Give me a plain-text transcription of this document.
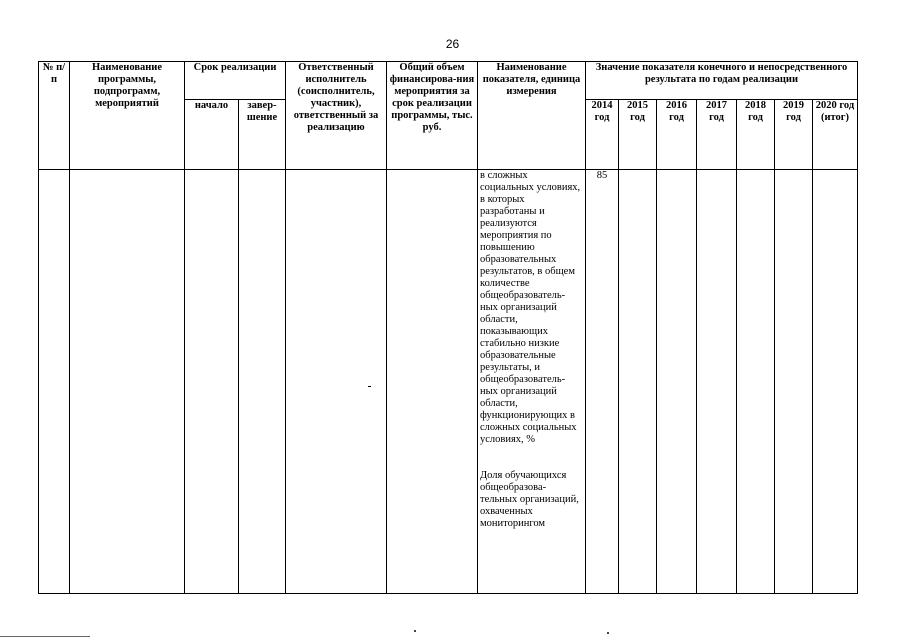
26
№ п/п	Наименование программы, подпрограмм, мероприятий	Срок реализации		Ответственный исполнитель (соисполнитель, участник), ответственный за реализацию	Общий объем финансирова-ния мероприятия за срок реализации программы, тыс. руб.	Наименование показателя, единица измерения	Значение показателя конечного и непосредственного результата по годам реализации						
		начало	завер-шение				2014 год	2015 год	2016 год	2017 год	2018 год	2019 год	2020 год (итог)

						в сложных социальных условиях, в которых разработаны и реализуются мероприятия по повышению образовательных результатов, в общем количестве общеобразователь-ных организаций области, показывающих стабильно низкие образовательные результаты, и общеобразователь-ных организаций области, функционирующих в сложных социальных условиях, %
Доля обучающихся общеобразова-тельных организаций, охваченных мониторингом	85						
